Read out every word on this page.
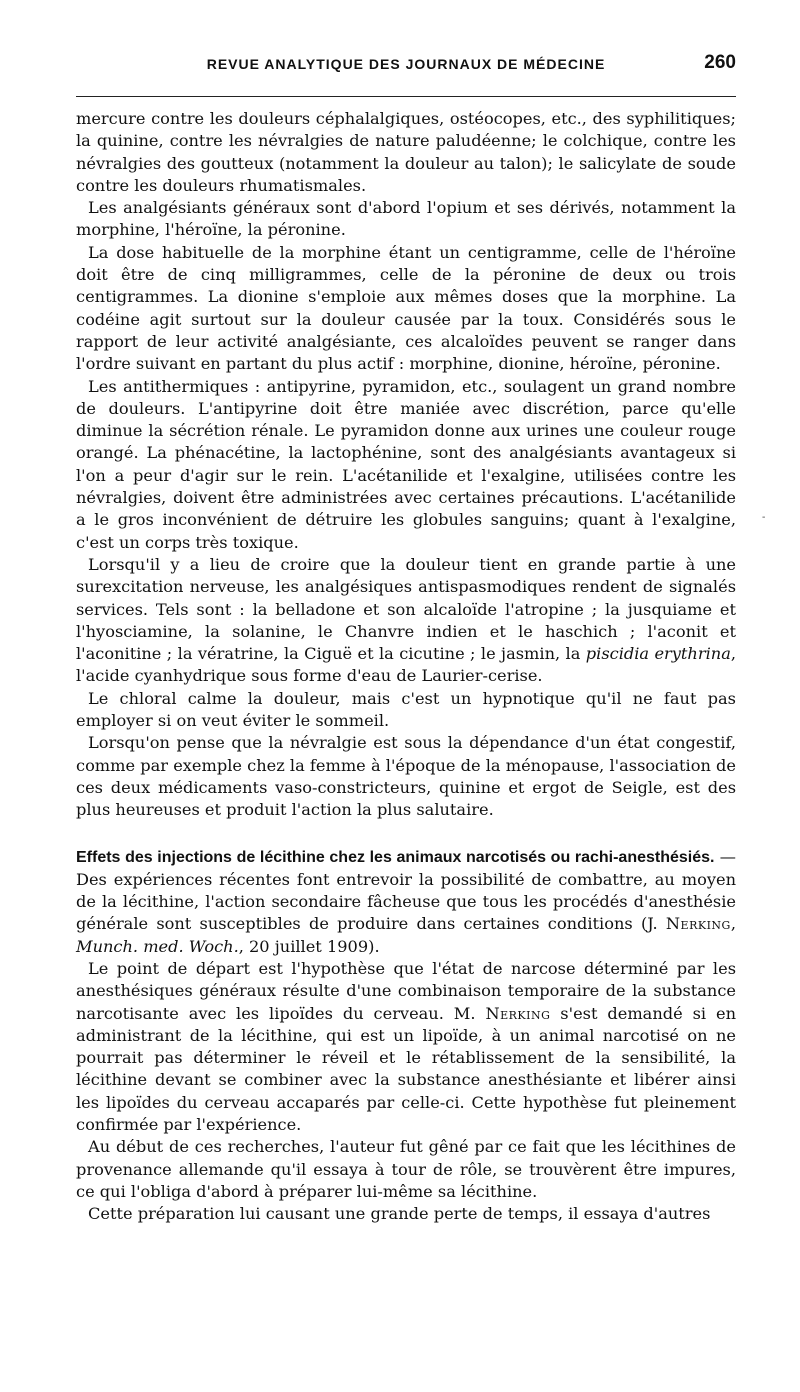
REVUE ANALYTIQUE DES JOURNAUX DE MÉDECINE	260
-

mercure contre les douleurs céphalalgiques, ostéocopes, etc., des syphilitiques; la quinine, contre les névralgies de nature paludéenne; le colchique, contre les névralgies des goutteux (notamment la douleur au talon); le salicylate de soude contre les douleurs rhumatismales.

Les analgésiants généraux sont d'abord l'opium et ses dérivés, notamment la morphine, l'héroïne, la péronine.

La dose habituelle de la morphine étant un centigramme, celle de l'héroïne doit être de cinq milligrammes, celle de la péronine de deux ou trois centigrammes. La dionine s'emploie aux mêmes doses que la morphine. La codéine agit surtout sur la douleur causée par la toux. Considérés sous le rapport de leur activité analgésiante, ces alcaloïdes peuvent se ranger dans l'ordre suivant en partant du plus actif : morphine, dionine, héroïne, péronine.

Les antithermiques : antipyrine, pyramidon, etc., soulagent un grand nombre de douleurs. L'antipyrine doit être maniée avec discrétion, parce qu'elle diminue la sécrétion rénale. Le pyramidon donne aux urines une couleur rouge orangé. La phénacétine, la lactophénine, sont des analgésiants avantageux si l'on a peur d'agir sur le rein. L'acétanilide et l'exalgine, utilisées contre les névralgies, doivent être administrées avec certaines précautions. L'acétanilide a le gros inconvénient de détruire les globules sanguins; quant à l'exalgine, c'est un corps très toxique.

Lorsqu'il y a lieu de croire que la douleur tient en grande partie à une surexcitation nerveuse, les analgésiques antispasmodiques rendent de signalés services. Tels sont : la belladone et son alcaloïde l'atropine ; la jusquiame et l'hyosciamine, la solanine, le Chanvre indien et le haschich ; l'aconit et l'aconitine ; la vératrine, la Ciguë et la cicutine ; le jasmin, la piscidia erythrina, l'acide cyanhydrique sous forme d'eau de Laurier-cerise.

Le chloral calme la douleur, mais c'est un hypnotique qu'il ne faut pas employer si on veut éviter le sommeil.

Lorsqu'on pense que la névralgie est sous la dépendance d'un état congestif, comme par exemple chez la femme à l'époque de la ménopause, l'association de ces deux médicaments vaso-constricteurs, quinine et ergot de Seigle, est des plus heureuses et produit l'action la plus salutaire.

Effets des injections de lécithine chez les animaux narcotisés ou rachi-anesthésiés. — Des expériences récentes font entrevoir la possibilité de combattre, au moyen de la lécithine, l'action secondaire fâcheuse que tous les procédés d'anesthésie générale sont susceptibles de produire dans certaines conditions (J. Nerking, Munch. med. Woch., 20 juillet 1909).

Le point de départ est l'hypothèse que l'état de narcose déterminé par les anesthésiques généraux résulte d'une combinaison temporaire de la substance narcotisante avec les lipoïdes du cerveau. M. Nerking s'est demandé si en administrant de la lécithine, qui est un lipoïde, à un animal narcotisé on ne pourrait pas déterminer le réveil et le rétablissement de la sensibilité, la lécithine devant se combiner avec la substance anesthésiante et libérer ainsi les lipoïdes du cerveau accaparés par celle-ci. Cette hypothèse fut pleinement confirmée par l'expérience.

Au début de ces recherches, l'auteur fut gêné par ce fait que les lécithines de provenance allemande qu'il essaya à tour de rôle, se trouvèrent être impures, ce qui l'obliga d'abord à préparer lui-même sa lécithine.

Cette préparation lui causant une grande perte de temps, il essaya d'autres
